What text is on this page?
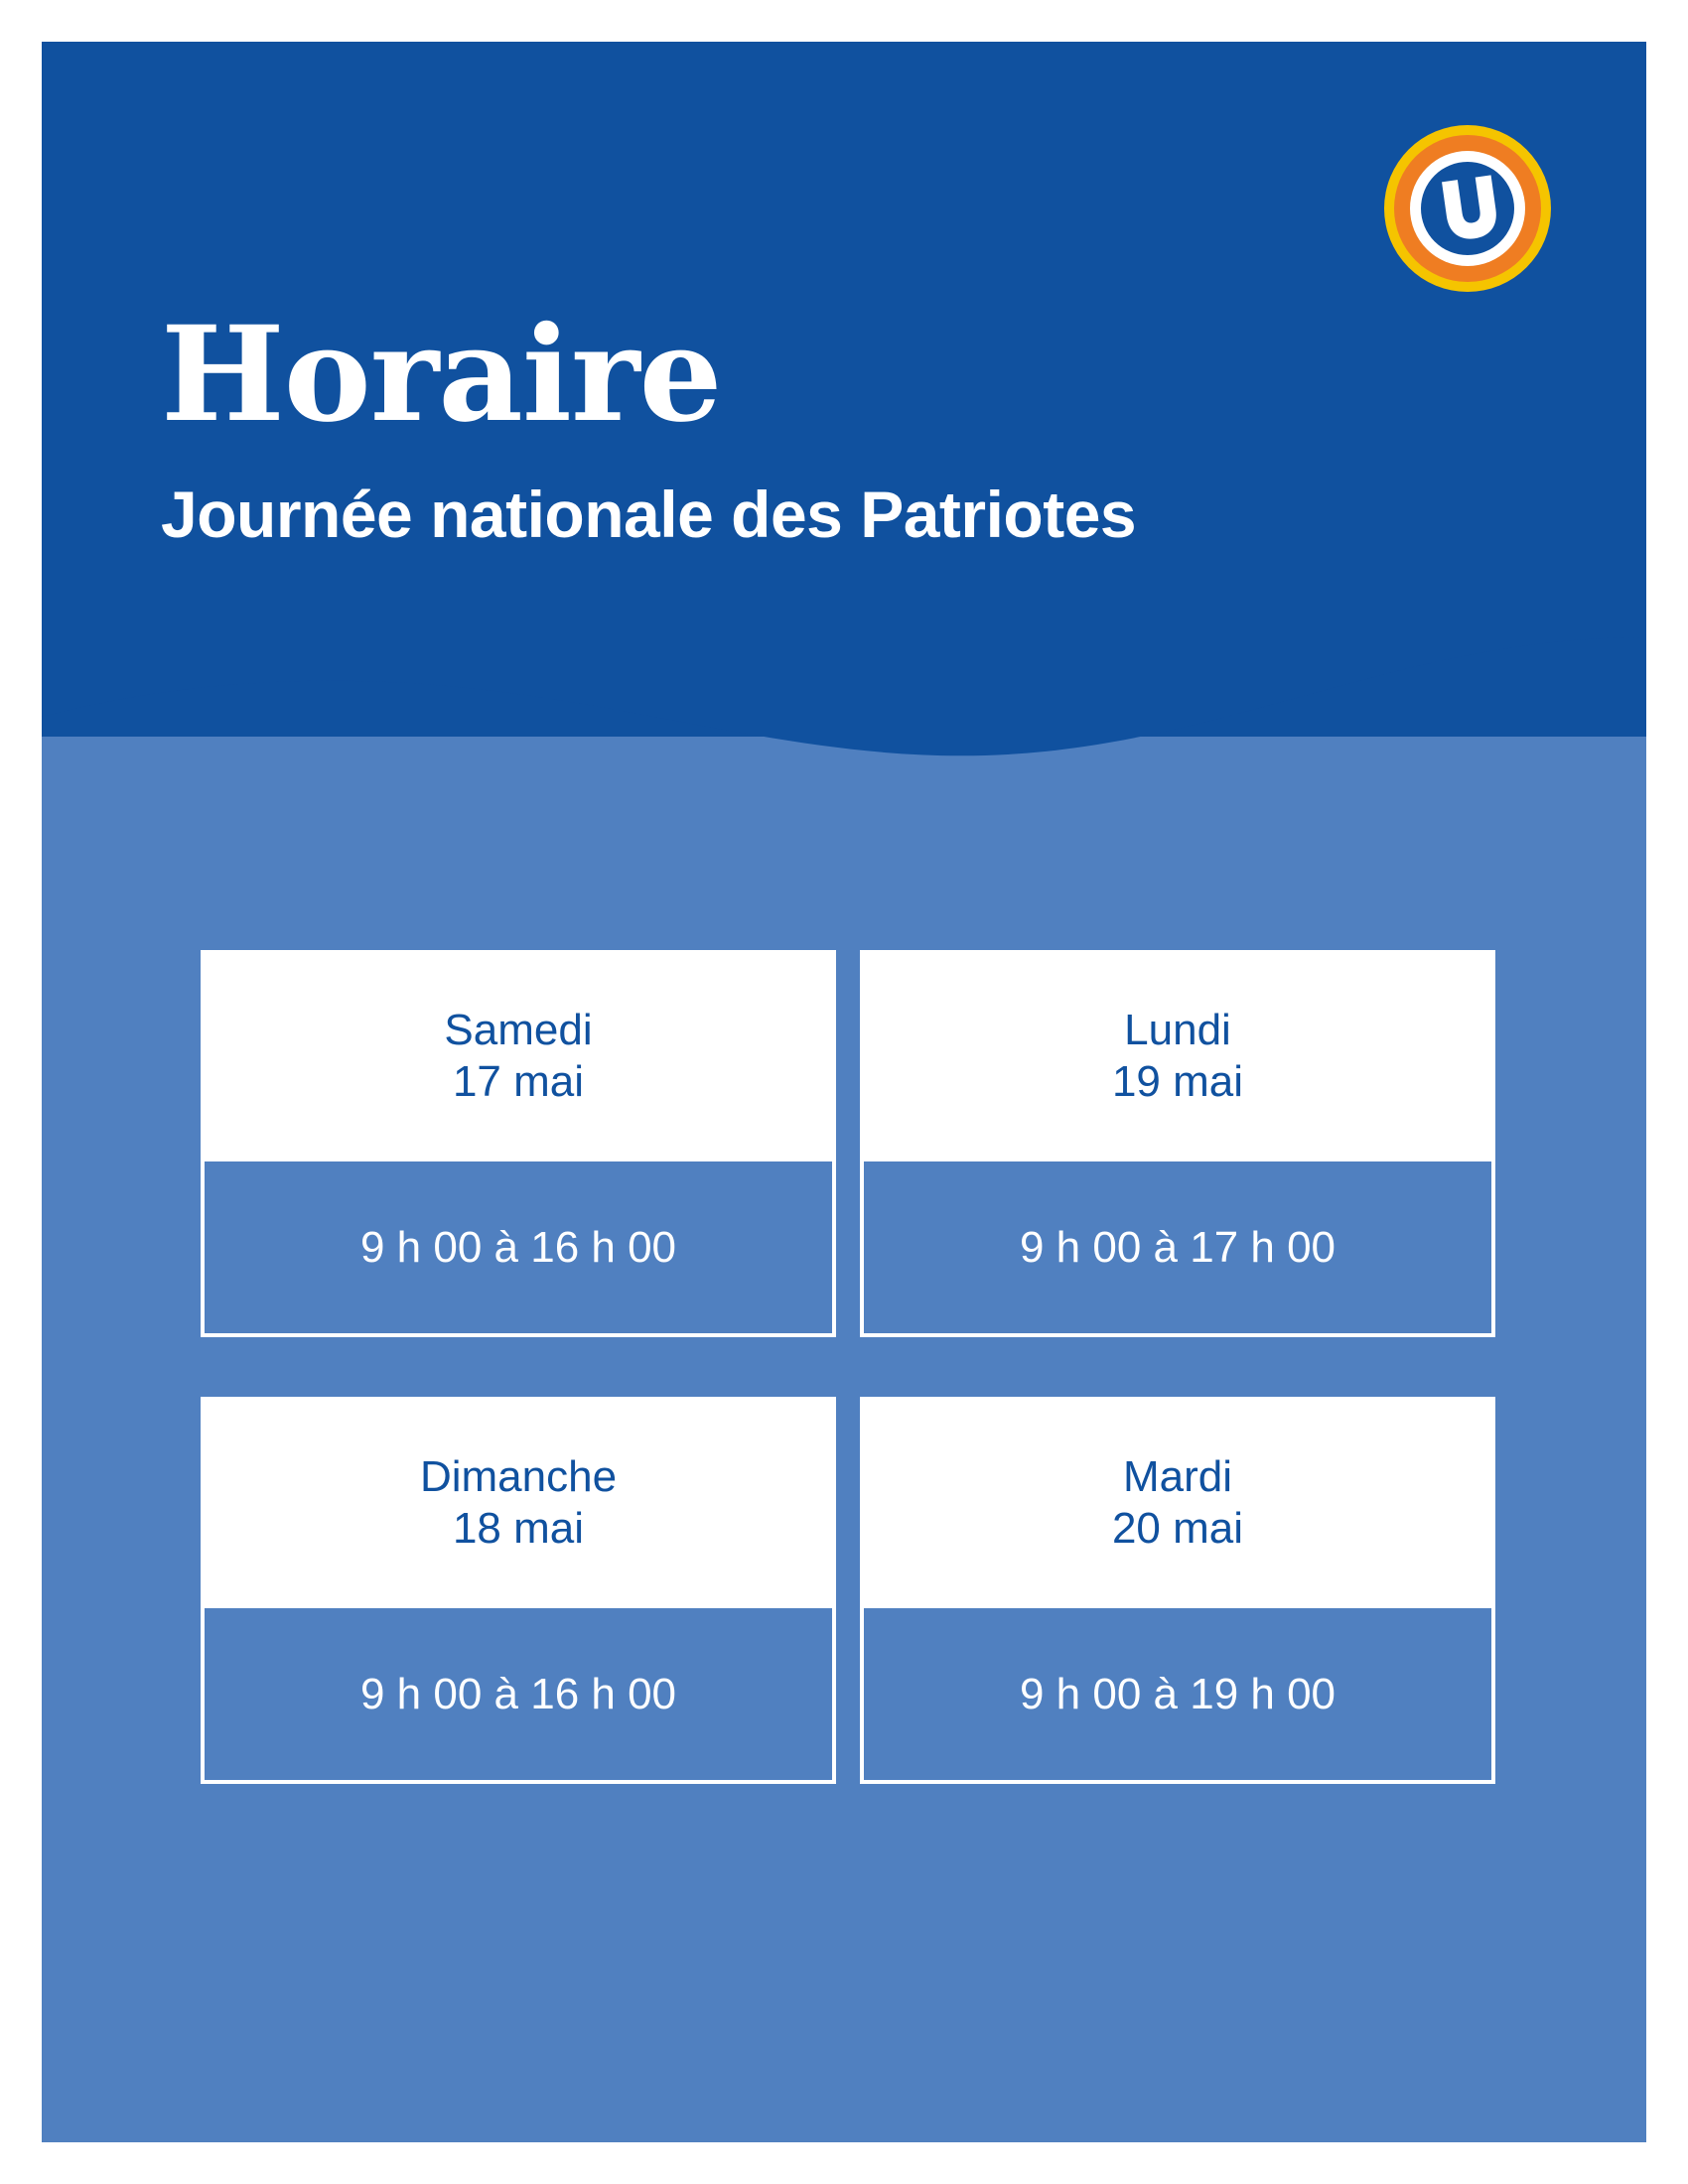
Horaire
Journée nationale des Patriotes
Samedi
17 mai
9 h 00 à 16 h 00
Lundi
19 mai
9 h 00 à 17 h 00
Dimanche
18 mai
9 h 00 à 16 h 00
Mardi
20 mai
9 h 00 à 19 h 00
